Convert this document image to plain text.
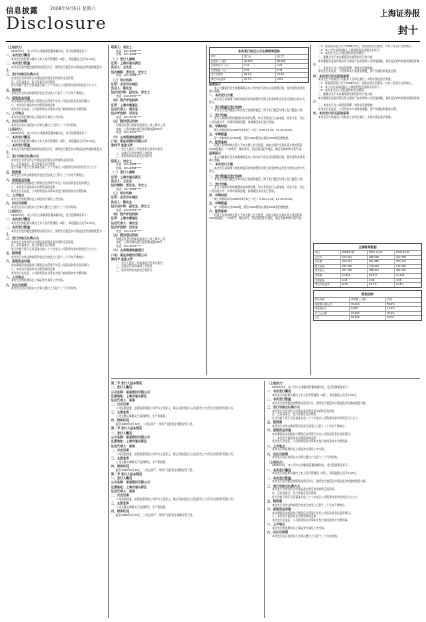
信息披露	2008年9月6日 星期六
Disclosure
上海证券报
封十

（上接封九）

2008年9月，本公司与主承销商签署承销协议，发行股票事宜如下：

一、本次发行概况

本次发行的股票为境内上市人民币普通股（A股），每股面值人民币1.00元。

二、本次发行数量

本次发行股份数量按照相关规定执行，最终发行数量以中国证监会核准的数量为准。

三、发行对象及认购方式

本次发行对象为符合中国证监会规定条件的特定投资者。

四、定价基准日、发行价格及定价原则

发行价格不低于定价基准日前二十个交易日公司股票交易均价的百分之九十。

五、限售期

本次发行对象认购的股份自发行结束之日起十二个月内不得转让。

六、募集资金用途

本次募集资金扣除发行费用后全部用于补充公司流动资金及投资项目。

七、本次发行前滚存未分配利润的安排

本次发行完成后，公司新老股东共享本次发行前的滚存未分配利润。

八、上市地点

本次发行的股票将在上海证券交易所上市交易。

九、决议有效期

本次发行决议自股东大会审议通过之日起十二个月内有效。

（上接封九）

2008年9月，本公司与主承销商签署承销协议，发行股票事宜如下：

一、本次发行概况

本次发行的股票为境内上市人民币普通股（A股），每股面值人民币1.00元。

二、本次发行数量

本次发行股份数量按照相关规定执行，最终发行数量以中国证监会核准的数量为准。

三、发行对象及认购方式

本次发行对象为符合中国证监会规定条件的特定投资者。

四、定价基准日、发行价格及定价原则

发行价格不低于定价基准日前二十个交易日公司股票交易均价的百分之九十。

五、限售期

本次发行对象认购的股份自发行结束之日起十二个月内不得转让。

六、募集资金用途

本次募集资金扣除发行费用后全部用于补充公司流动资金及投资项目。

七、本次发行前滚存未分配利润的安排

本次发行完成后，公司新老股东共享本次发行前的滚存未分配利润。

八、上市地点

本次发行的股票将在上海证券交易所上市交易。

九、决议有效期

本次发行决议自股东大会审议通过之日起十二个月内有效。

（上接封九）

2008年9月，本公司与主承销商签署承销协议，发行股票事宜如下：

一、本次发行概况

本次发行的股票为境内上市人民币普通股（A股），每股面值人民币1.00元。

二、本次发行数量

本次发行股份数量按照相关规定执行，最终发行数量以中国证监会核准的数量为准。

三、发行对象及认购方式

本次发行对象为符合中国证监会规定条件的特定投资者。

四、定价基准日、发行价格及定价原则

发行价格不低于定价基准日前二十个交易日公司股票交易均价的百分之九十。

五、限售期

本次发行对象认购的股份自发行结束之日起十二个月内不得转让。

六、募集资金用途

本次募集资金扣除发行费用后全部用于补充公司流动资金及投资项目。

七、本次发行前滚存未分配利润的安排

本次发行完成后，公司新老股东共享本次发行前的滚存未分配利润。

八、上市地点

本次发行的股票将在上海证券交易所上市交易。

九、决议有效期

本次发行决议自股东大会审议通过之日起十二个月内有效。

联系人：刘女士

电话：021-6888****

传真：021-6888****

（二）发行人律师

住所：上海市浦东新区

负责人：王先生

经办律师：张先生、李女士

电话：021-5888****

（三）审计机构

住所：北京市东城区

负责人：陈先生

经办会计师：赵先生、孙女士

电话：010-6555****

（四）资产评估机构

住所：上海市黄浦区

法定代表人：周先生

经办评估师：吴先生

电话：021-6333****

（五）股份登记机构

中国证券登记结算有限责任公司上海分公司

地址：上海市浦东新区陆家嘴东路166号

电话：021-5870****

（六）主承销商收款银行

户名：某证券股份有限公司

第四节 备查文件

一、发行人最近三年财务报告及审计报告

二、法律意见书和律师工作报告

三、保荐机构出具的发行保荐书

联系人：刘女士

电话：021-6888****

传真：021-6888****

（二）发行人律师

住所：上海市浦东新区

负责人：王先生

经办律师：张先生、李女士

电话：021-5888****

（三）审计机构

住所：北京市东城区

负责人：陈先生

经办会计师：赵先生、孙女士

电话：010-6555****

（四）资产评估机构

住所：上海市黄浦区

法定代表人：周先生

经办评估师：吴先生

电话：021-6333****

（五）股份登记机构

中国证券登记结算有限责任公司上海分公司

地址：上海市浦东新区陆家嘴东路166号

电话：021-5870****

（六）主承销商收款银行

户名：某证券股份有限公司

第四节 备查文件

一、发行人最近三年财务报告及审计报告

二、法律意见书和律师工作报告

三、保荐机构出具的发行保荐书

本次发行前后公司主要财务指标
项目	发行前	发行后
总股本（万股）	60,000	80,000
每股净资产（元）	3.12	4.05
每股收益（元）	0.52	0.39
资产负债率	58.2%	43.6%
净资产收益率	16.7%	9.6%

重要提示

本公司董事会及全体董事保证本公告内容不存在任何虚假记载、误导性陈述或者重大遗漏。

一、本次发行方案

本次发行采取网下向机构投资者询价配售与网上资金申购定价发行相结合的方式进行。

二、发行数量及发行结构

本次发行股份数量为本次发行的最终数量，网下发行数量与网上发行数量之和。

三、发行价格

发行人和保荐机构根据初步询价结果，综合考虑发行人基本面、所处行业、可比公司估值水平、市场环境等因素，协商确定本次发行价格。

四、申购时间

网上申购时间为2008年9月8日（T日）9:30-11:30，13:00-15:00。

五、申购数量

每一申购单位为1000股，超过1000股的必须是1000股的整数倍。

六、配售原则

若网上有效申购总量大于本次网上发行数量，则由交易所交易系统主机按照每1000股确定一个申购号，顺序排号，然后通过摇号抽签，确定有效申购中签号码。

重要提示

本公司董事会及全体董事保证本公告内容不存在任何虚假记载、误导性陈述或者重大遗漏。

一、本次发行方案

本次发行采取网下向机构投资者询价配售与网上资金申购定价发行相结合的方式进行。

二、发行数量及发行结构

本次发行股份数量为本次发行的最终数量，网下发行数量与网上发行数量之和。

三、发行价格

发行人和保荐机构根据初步询价结果，综合考虑发行人基本面、所处行业、可比公司估值水平、市场环境等因素，协商确定本次发行价格。

四、申购时间

网上申购时间为2008年9月8日（T日）9:30-11:30，13:00-15:00。

五、申购数量

每一申购单位为1000股，超过1000股的必须是1000股的整数倍。

六、配售原则

若网上有效申购总量大于本次网上发行数量，则由交易所交易系统主机按照每1000股确定一个申购号，顺序排号，然后通过摇号抽签，确定有效申购中签号码。

（1）某集团有限公司于2008年9月，在相关规定范围内，与本公司签订认购协议。

（2）本公司与实际控制人之间的股权及控制关系如下。

（3）本次发行后公司股权结构变动情况。

二、董事会关于本次募集资金使用的可行性分析

本次募集资金投资项目符合国家产业政策和公司发展战略，具有良好的市场前景和经济效益。

三、本次发行对公司经营管理、财务状况的影响

本次发行完成后，公司资本实力将得到增强，资产负债结构更加合理。

四、本次发行涉及报批事项

本次发行方案尚需公司股东大会审议通过，并报中国证监会核准。

（1）某集团有限公司于2008年9月，在相关规定范围内，与本公司签订认购协议。

（2）本公司与实际控制人之间的股权及控制关系如下。

（3）本次发行后公司股权结构变动情况。

二、董事会关于本次募集资金使用的可行性分析

本次募集资金投资项目符合国家产业政策和公司发展战略，具有良好的市场前景和经济效益。

三、本次发行对公司经营管理、财务状况的影响

本次发行完成后，公司资本实力将得到增强，资产负债结构更加合理。

四、本次发行涉及报批事项

本次发行方案尚需公司股东大会审议通过，并报中国证监会核准。

主要财务数据
项目	2008.6.30	2007.12.31	2006.12.31
总资产	523,411	498,206	412,558
总负债	304,227	291,880	250,174
股东权益	187,240	176,902	142,381
营业收入	201,336	388,421	301,556
净利润	15,802	29,477	21,094
每股收益	0.26	0.49	0.35
净资产收益率	8.4%	16.7%	14.8%
股权结构
股东名称	持股数（万股）	比例
某集团有限公司	35,400	59.0%
其他发起人	6,600	11.0%
社会公众股	18,000	30.0%
合计	60,000	100%

第二节 发行人基本情况

一、发行人概况

公司名称：某某股份有限公司

注册地址：上海市浦东新区

法定代表人：某某

二、历史沿革

公司系经批准，由某集团有限公司作为主发起人，联合其他发起人以发起设立方式设立的股份有限公司。

三、主营业务

公司主要从事相关产品的研发、生产和销售。

四、财务状况

截至2008年6月30日，公司总资产、净资产及经营业绩情况见下表。

第二节 发行人基本情况

一、发行人概况

公司名称：某某股份有限公司

注册地址：上海市浦东新区

法定代表人：某某

二、历史沿革

公司系经批准，由某集团有限公司作为主发起人，联合其他发起人以发起设立方式设立的股份有限公司。

三、主营业务

公司主要从事相关产品的研发、生产和销售。

四、财务状况

截至2008年6月30日，公司总资产、净资产及经营业绩情况见下表。

第二节 发行人基本情况

一、发行人概况

公司名称：某某股份有限公司

注册地址：上海市浦东新区

法定代表人：某某

二、历史沿革

公司系经批准，由某集团有限公司作为主发起人，联合其他发起人以发起设立方式设立的股份有限公司。

三、主营业务

公司主要从事相关产品的研发、生产和销售。

四、财务状况

截至2008年6月30日，公司总资产、净资产及经营业绩情况见下表。

（上接封九）

2008年9月，本公司与主承销商签署承销协议，发行股票事宜如下：

一、本次发行概况

本次发行的股票为境内上市人民币普通股（A股），每股面值人民币1.00元。

二、本次发行数量

本次发行股份数量按照相关规定执行，最终发行数量以中国证监会核准的数量为准。

三、发行对象及认购方式

本次发行对象为符合中国证监会规定条件的特定投资者。

四、定价基准日、发行价格及定价原则

发行价格不低于定价基准日前二十个交易日公司股票交易均价的百分之九十。

五、限售期

本次发行对象认购的股份自发行结束之日起十二个月内不得转让。

六、募集资金用途

本次募集资金扣除发行费用后全部用于补充公司流动资金及投资项目。

七、本次发行前滚存未分配利润的安排

本次发行完成后，公司新老股东共享本次发行前的滚存未分配利润。

八、上市地点

本次发行的股票将在上海证券交易所上市交易。

九、决议有效期

本次发行决议自股东大会审议通过之日起十二个月内有效。

（上接封九）

2008年9月，本公司与主承销商签署承销协议，发行股票事宜如下：

一、本次发行概况

本次发行的股票为境内上市人民币普通股（A股），每股面值人民币1.00元。

二、本次发行数量

本次发行股份数量按照相关规定执行，最终发行数量以中国证监会核准的数量为准。

三、发行对象及认购方式

本次发行对象为符合中国证监会规定条件的特定投资者。

四、定价基准日、发行价格及定价原则

发行价格不低于定价基准日前二十个交易日公司股票交易均价的百分之九十。

五、限售期

本次发行对象认购的股份自发行结束之日起十二个月内不得转让。

六、募集资金用途

本次募集资金扣除发行费用后全部用于补充公司流动资金及投资项目。

七、本次发行前滚存未分配利润的安排

本次发行完成后，公司新老股东共享本次发行前的滚存未分配利润。

八、上市地点

本次发行的股票将在上海证券交易所上市交易。

九、决议有效期

本次发行决议自股东大会审议通过之日起十二个月内有效。
